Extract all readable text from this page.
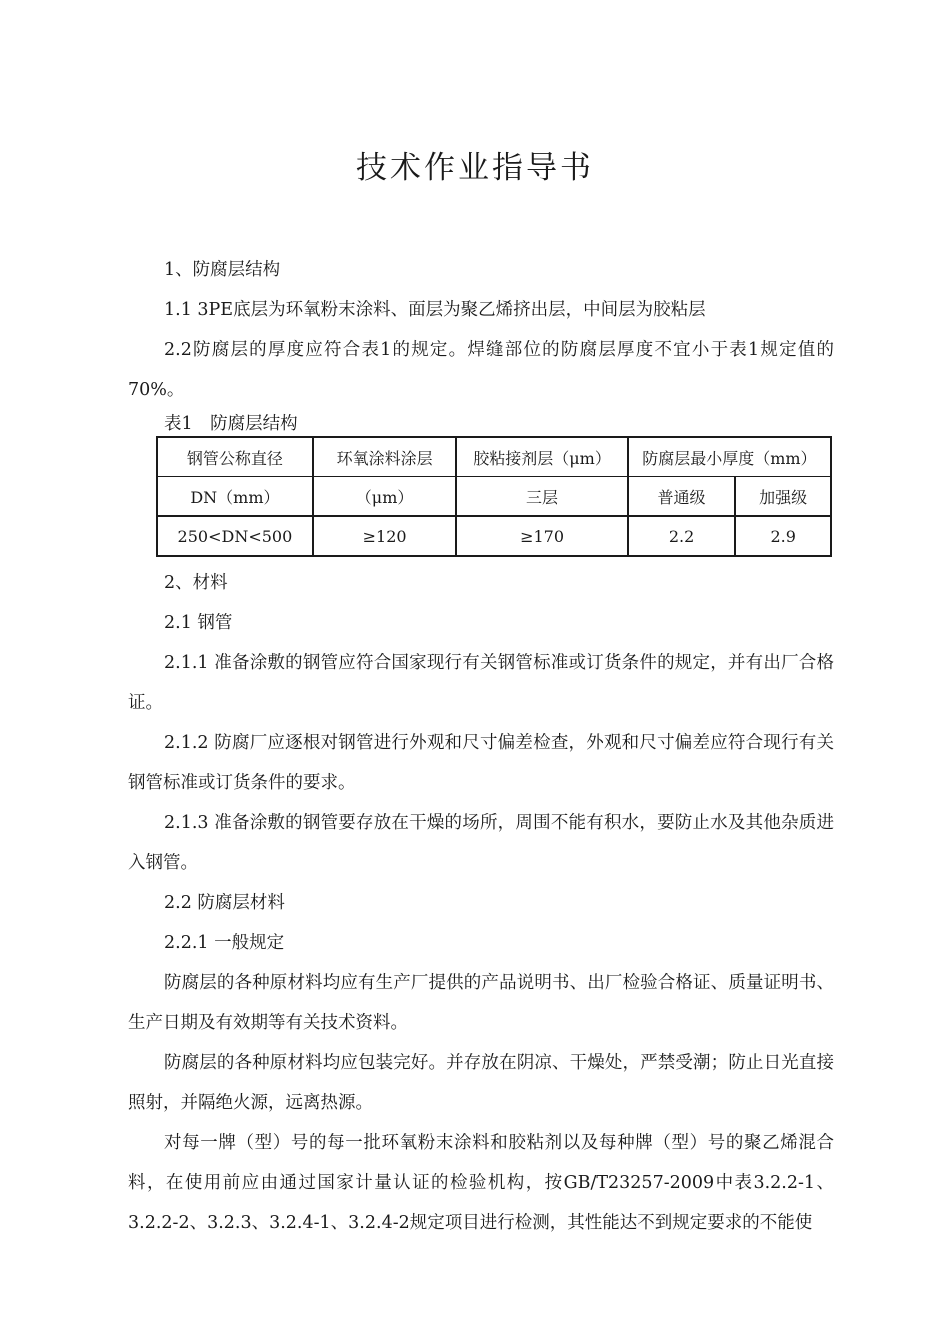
技术作业指导书

1、防腐层结构

1.1 3PE底层为环氧粉末涂料、面层为聚乙烯挤出层，中间层为胶粘层

2.2防腐层的厚度应符合表1的规定。焊缝部位的防腐层厚度不宜小于表1规定值的70%。

表1　防腐层结构

钢管公称直径	环氧涂料涂层	胶粘接剂层（μm）	防腐层最小厚度（mm）	
DN（mm）	（μm）	三层	普通级	加强级
250<DN<500	≥120	≥170	2.2	2.9

2、材料

2.1 钢管

2.1.1 准备涂敷的钢管应符合国家现行有关钢管标准或订货条件的规定，并有出厂合格证。

2.1.2 防腐厂应逐根对钢管进行外观和尺寸偏差检查，外观和尺寸偏差应符合现行有关钢管标准或订货条件的要求。

2.1.3 准备涂敷的钢管要存放在干燥的场所，周围不能有积水，要防止水及其他杂质进入钢管。

2.2 防腐层材料

2.2.1 一般规定

防腐层的各种原材料均应有生产厂提供的产品说明书、出厂检验合格证、质量证明书、生产日期及有效期等有关技术资料。

防腐层的各种原材料均应包装完好。并存放在阴凉、干燥处，严禁受潮；防止日光直接照射，并隔绝火源，远离热源。

对每一牌（型）号的每一批环氧粉末涂料和胶粘剂以及每种牌（型）号的聚乙烯混合料，在使用前应由通过国家计量认证的检验机构，按GB/T23257-2009中表3.2.2-1、3.2.2-2、3.2.3、3.2.4-1、3.2.4-2规定项目进行检测，其性能达不到规定要求的不能使
